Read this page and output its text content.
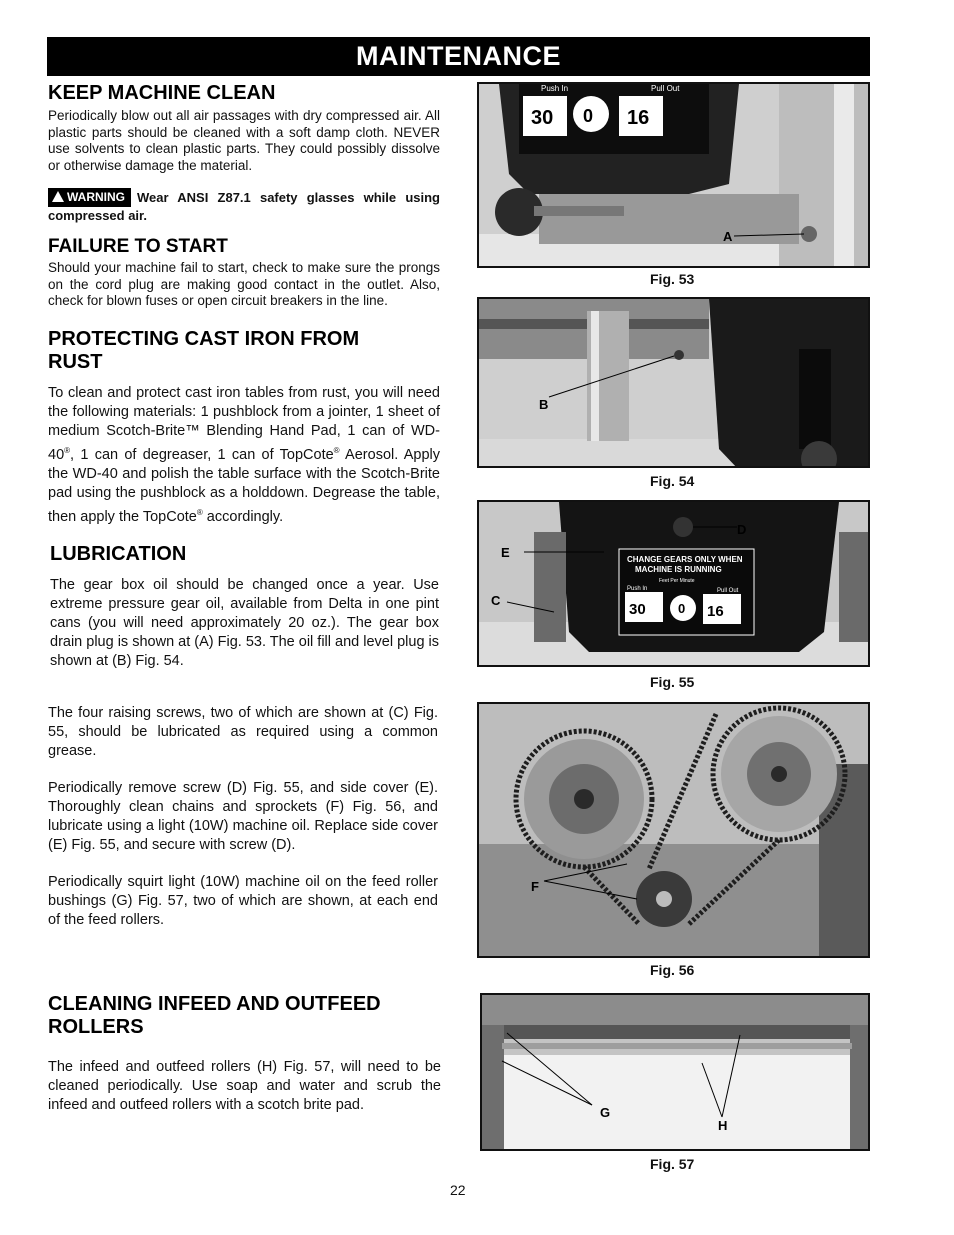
MAINTENANCE
KEEP MACHINE CLEAN

Periodically blow out all air passages with dry compressed air. All plastic parts should be cleaned with a soft damp cloth. NEVER use solvents to clean plastic parts. They could possibly dissolve or otherwise damage the material.

WARNING Wear ANSI Z87.1 safety glasses while using compressed air.
FAILURE TO START

Should your machine fail to start, check to make sure the prongs on the cord plug are making good contact in the outlet. Also, check for blown fuses or open circuit breakers in the line.

PROTECTING CAST IRON FROM
RUST

To clean and protect cast iron tables from rust, you will need the following materials: 1 pushblock from a jointer, 1 sheet of medium Scotch-Brite™ Blending Hand Pad, 1 can of WD-40®, 1 can of degreaser, 1 can of TopCote® Aerosol. Apply the WD-40 and polish the table surface with the Scotch-Brite pad using the pushblock as a holddown. Degrease the table, then apply the TopCote® accordingly.

LUBRICATION

The gear box oil should be changed once a year. Use extreme pressure gear oil, available from Delta in one pint cans (you will need approximately 20 oz.). The gear box drain plug is shown at (A) Fig. 53. The oil fill and level plug is shown at (B) Fig. 54.

The four raising screws, two of which are shown at (C) Fig. 55, should be lubricated as required using a common grease.

Periodically remove screw (D) Fig. 55, and side cover (E). Thoroughly clean chains and sprockets (F) Fig. 56, and lubricate using a light (10W) machine oil. Replace side cover (E) Fig. 55, and secure with screw (D).

Periodically squirt light (10W) machine oil on the feed roller bushings (G) Fig. 57, two of which are shown, at each end of the feed rollers.

CLEANING INFEED AND OUTFEED
ROLLERS

The infeed and outfeed rollers (H) Fig. 57, will need to be cleaned periodically. Use soap and water and scrub the infeed and outfeed rollers with a scotch brite pad.

A
Push In	Pull Out
30 0 16
Fig. 53
B
Fig. 54
D
E
C
CHANGE GEARS ONLY WHEN
MACHINE IS RUNNING
Feet Per Minute
Push In	Pull Out
30 0 16
Fig. 55
F
Fig. 56
G
H
Fig. 57
22
